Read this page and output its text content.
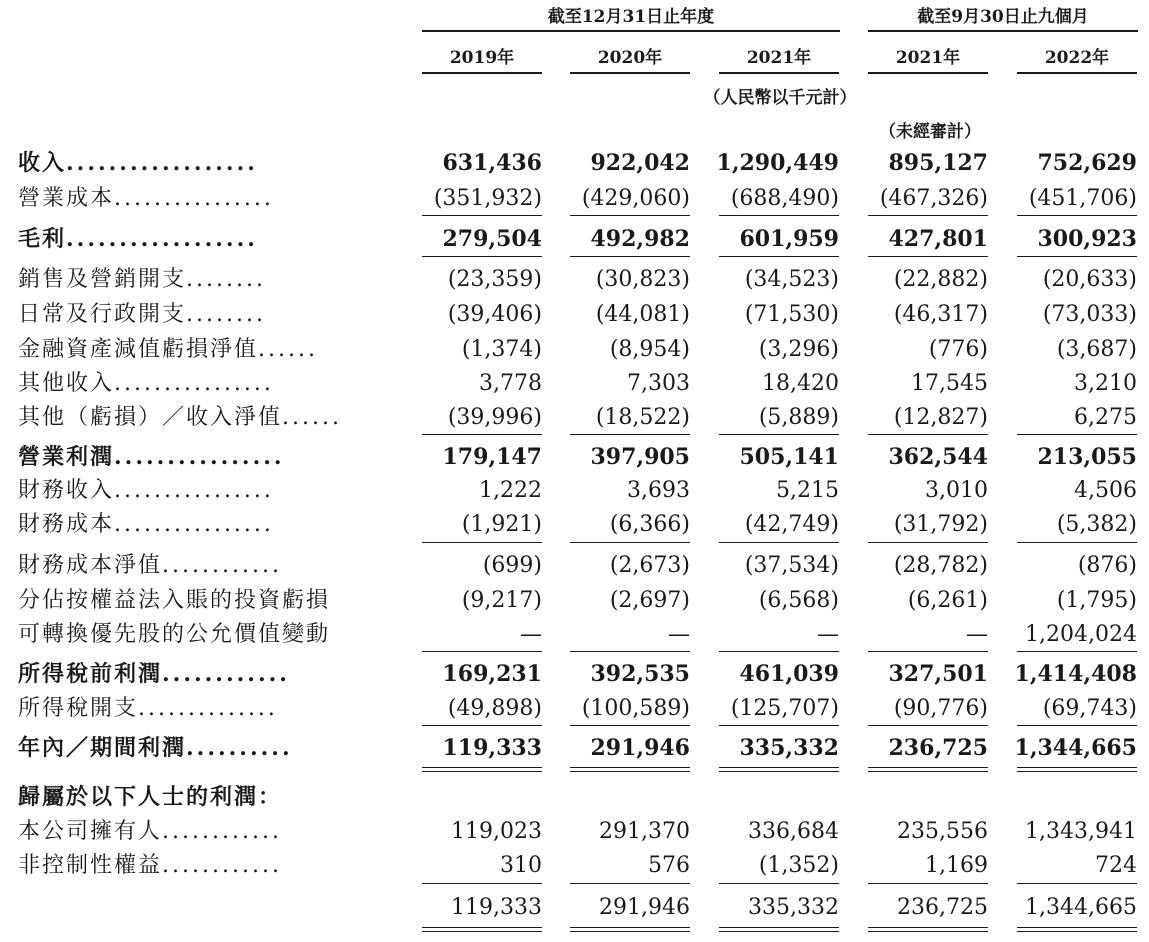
截至12月31日止年度	截至9月30日止九個月
2019年	2020年	2021年	2021年	2022年
（人民幣以千元計）
（未經審計）
歸屬於以下人士的利潤：
收入..................	631,436	922,042 1,290,449	895,127	752,629
營業成本................	(351,932)	(429,060)	(688,490)	(467,326)	(451,706)
毛利..................	279,504	492,982	601,959	427,801	300,923
銷售及營銷開支........	(23,359)	(30,823)	(34,523)	(22,882)	(20,633)
日常及行政開支........	(39,406)	(44,081)	(71,530)	(46,317)	(73,033)
金融資產減值虧損淨值......	(1,374)	(8,954)	(3,296)	(776)	(3,687)
其他收入................	3,778	7,303	18,420	17,545	3,210
其他（虧損）／收入淨值......	(39,996)	(18,522)	(5,889)	(12,827)	6,275
營業利潤................	179,147	397,905	505,141	362,544	213,055
財務收入................	1,222	3,693	5,215	3,010	4,506
財務成本................	(1,921)	(6,366)	(42,749)	(31,792)	(5,382)
財務成本淨值............	(699)	(2,673)	(37,534)	(28,782)	(876)
分佔按權益法入賬的投資虧損	(9,217)	(2,697)	(6,568)	(6,261)	(1,795)
可轉換優先股的公允價值變動	—	—	—	—	1,204,024
所得稅前利潤............	169,231	392,535	461,039	327,501 1,414,408
所得稅開支..............	(49,898)	(100,589)	(125,707)	(90,776)	(69,743)
年內／期間利潤..........	119,333	291,946	335,332	236,725 1,344,665
本公司擁有人............	119,023	291,370	336,684	235,556	1,343,941
非控制性權益............	310	576	(1,352)	1,169	724
119,333	291,946	335,332	236,725	1,344,665
